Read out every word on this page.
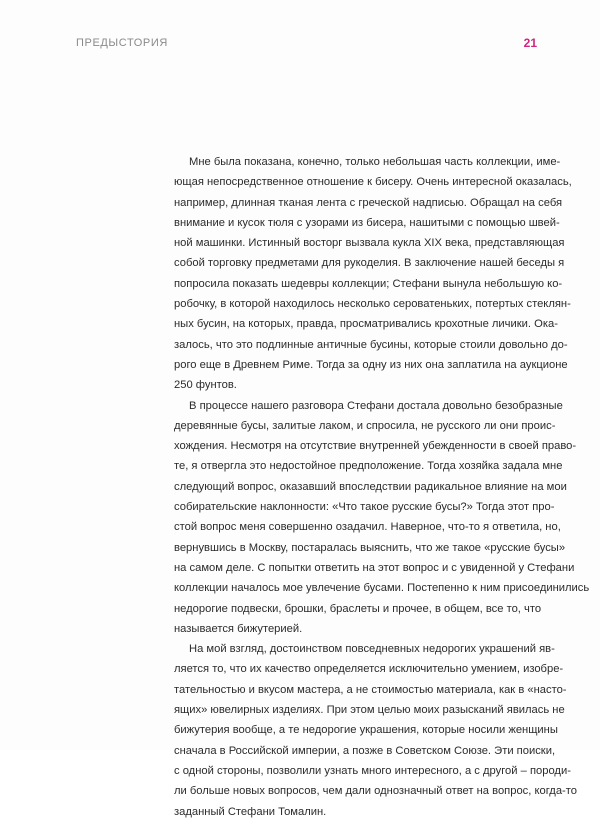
ПРЕДЫСТОРИЯ	21

Мне была показана, конечно, только небольшая часть коллекции, име-
ющая непосредственное отношение к бисеру. Очень интересной оказалась,
например, длинная тканая лента с греческой надписью. Обращал на себя
внимание и кусок тюля с узорами из бисера, нашитыми с помощью швей-
ной машинки. Истинный восторг вызвала кукла XIX века, представляющая
собой торговку предметами для рукоделия. В заключение нашей беседы я
попросила показать шедевры коллекции; Стефани вынула небольшую ко-
робочку, в которой находилось несколько сероватеньких, потертых стеклян-
ных бусин, на которых, правда, просматривались крохотные личики. Ока-
залось, что это подлинные античные бусины, которые стоили довольно до-
рого еще в Древнем Риме. Тогда за одну из них она заплатила на аукционе
250 фунтов.

В процессе нашего разговора Стефани достала довольно безобразные
деревянные бусы, залитые лаком, и спросила, не русского ли они проис-
хождения. Несмотря на отсутствие внутренней убежденности в своей право-
те, я отвергла это недостойное предположение. Тогда хозяйка задала мне
следующий вопрос, оказавший впоследствии радикальное влияние на мои
собирательские наклонности: «Что такое русские бусы?» Тогда этот про-
стой вопрос меня совершенно озадачил. Наверное, что-то я ответила, но,
вернувшись в Москву, постаралась выяснить, что же такое «русские бусы»
на самом деле. С попытки ответить на этот вопрос и с увиденной у Стефани
коллекции началось мое увлечение бусами. Постепенно к ним присоединились
недорогие подвески, брошки, браслеты и прочее, в общем, все то, что
называется бижутерией.

На мой взгляд, достоинством повседневных недорогих украшений яв-
ляется то, что их качество определяется исключительно умением, изобре-
тательностью и вкусом мастера, а не стоимостью материала, как в «насто-
ящих» ювелирных изделиях. При этом целью моих разысканий явилась не
бижутерия вообще, а те недорогие украшения, которые носили женщины
сначала в Российской империи, а позже в Советском Союзе. Эти поиски,
с одной стороны, позволили узнать много интересного, а с другой – породи-
ли больше новых вопросов, чем дали однозначный ответ на вопрос, когда-то
заданный Стефани Томалин.
